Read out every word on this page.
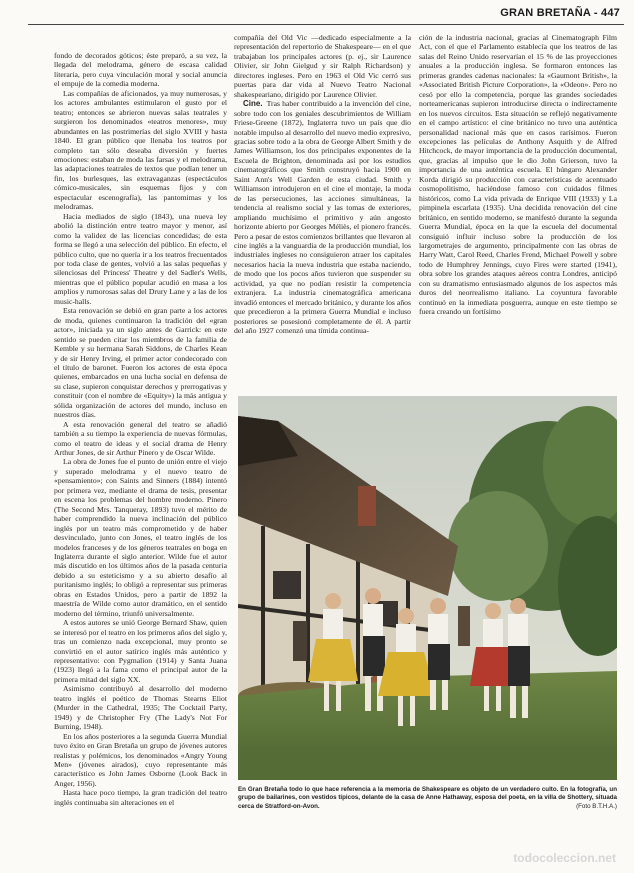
GRAN BRETAÑA - 447

fondo de decorados góticos; éste preparó, a su vez, la llegada del melodrama, género de escasa calidad literaria, pero cuya vinculación moral y social anuncia el empuje de la comedia moderna.

Las compañías de aficionados, ya muy numerosas, y los actores ambulantes estimularon el gusto por el teatro; entonces se abrieron nuevas salas teatrales y surgieron los denominados «teatros menores», muy abundantes en las postrimerías del siglo XVIII y hasta 1840. El gran público que llenaba los teatros por completo tan sólo deseaba diversión y fuertes emociones: estaban de moda las farsas y el melodrama, las adaptaciones teatrales de textos que podían tener un fin, los burlesques, las extravaganzas (espectáculos cómico-musicales, sin esquemas fijos y con espectacular escenografía), las pantomimas y los melodramas.

Hacia mediados de siglo (1843), una nueva ley abolió la distinción entre teatro mayor y menor, así como la validez de las licencias concedidas; de esta forma se llegó a una selección del público. En efecto, el público culto, que no quería ir a los teatros frecuentados por toda clase de gentes, volvió a las salas pequeñas y silenciosas del Princess' Theatre y del Sadler's Wells, mientras que el público popular acudió en masa a los amplios y rumorosas salas del Drury Lane y a las de los music-halls.

Esta renovación se debió en gran parte a los actores de moda, quienes continuaron la tradición del «gran actor», iniciada ya un siglo antes de Garrick: en este sentido se pueden citar los miembros de la familia de Kemble y su hermana Sarah Siddons, de Charles Kean y de sir Henry Irving, el primer actor condecorado con el título de baronet. Fueron los actores de esta época quienes, embarcados en una lucha social en defensa de su clase, supieron conquistar derechos y prerrogativas y constituir (con el nombre de «Equity») la más antigua y sólida organización de actores del mundo, incluso en nuestros días.

A esta renovación general del teatro se añadió también a su tiempo la experiencia de nuevas fórmulas, como el teatro de ideas y el social drama de Henry Arthur Jones, de sir Arthur Pinero y de Oscar Wilde.

La obra de Jones fue el punto de unión entre el viejo y superado melodrama y el nuevo teatro de «pensamiento»; con Saints and Sinners (1884) intentó por primera vez, mediante el drama de tesis, presentar en escena los problemas del hombre moderno. Pinero (The Second Mrs. Tanqueray, 1893) tuvo el mérito de haber comprendido la nueva inclinación del público inglés por un teatro más comprometido y de haber desvinculado, junto con Jones, el teatro inglés de los modelos franceses y de los géneros teatrales en boga en Inglaterra durante el siglo anterior. Wilde fue el autor más discutido en los últimos años de la pasada centuria debido a su esteticismo y a su abierto desafío al puritanismo inglés; lo obligó a representar sus primeras obras en Estados Unidos, pero a partir de 1892 la maestría de Wilde como autor dramático, en el sentido moderno del término, triunfó universalmente.

A estos autores se unió George Bernard Shaw, quien se interesó por el teatro en los primeros años del siglo y, tras un comienzo nada excepcional, muy pronto se convirtió en el autor satírico inglés más auténtico y representativo: con Pygmalion (1914) y Santa Juana (1923) llegó a la fama como el principal autor de la primera mitad del siglo XX.

Asimismo contribuyó al desarrollo del moderno teatro inglés el poético de Thomas Stearns Eliot (Murder in the Cathedral, 1935; The Cocktail Party, 1949) y de Christopher Fry (The Lady's Not For Burning, 1948).

En los años posteriores a la segunda Guerra Mundial tuvo éxito en Gran Bretaña un grupo de jóvenes autores realistas y polémicos, los denominados «Angry Young Men» (jóvenes airados), cuyo representante más característico es John James Osborne (Look Back in Anger, 1956).

Hasta hace poco tiempo, la gran tradición del teatro inglés continuaba sin alteraciones en el

compañía del Old Vic —dedicado especialmente a la representación del repertorio de Shakespeare— en el que trabajaban los principales actores (p. ej., sir Laurence Olivier, sir John Gielgud y sir Ralph Richardson) y directores ingleses. Pero en 1963 el Old Vic cerró sus puertas para dar vida al Nuevo Teatro Nacional shakespeariano, dirigido por Laurence Olivier.

Cine. Tras haber contribuido a la invención del cine, sobre todo con los geniales descubrimientos de William Friese-Greene (1872), Inglaterra tuvo un país que dio notable impulso al desarrollo del nuevo medio expresivo, gracias sobre todo a la obra de George Albert Smith y de James Williamson, los dos principales exponentes de la Escuela de Brighton, denominada así por los estudios cinematográficos que Smith construyó hacia 1900 en Saint Ann's Well Garden de esta ciudad. Smith y Williamson introdujeron en el cine el montaje, la moda de las persecuciones, las acciones simultáneas, la tendencia al realismo social y las tomas de exteriores, ampliando muchísimo el primitivo y aún angosto horizonte abierto por Georges Méliès, el pionero francés. Pero a pesar de estos comienzos brillantes que llevaron al cine inglés a la vanguardia de la producción mundial, los industriales ingleses no consiguieron atraer los capitales necesarios hacia la nueva industria que estaba naciendo, de modo que los pocos años tuvieron que suspender su actividad, ya que no podían resistir la competencia extranjera. La industria cinematográfica americana invadió entonces el mercado británico, y durante los años que precedieron a la primera Guerra Mundial e incluso posteriores se posesionó completamente de él. A partir del año 1927 comenzó una tímida continua-

ción de la industria nacional, gracias al Cinematograph Film Act, con el que el Parlamento establecía que los teatros de las salas del Reino Unido reservarían el 15 % de las proyecciones anuales a la producción inglesa. Se formaron entonces las primeras grandes cadenas nacionales: la «Gaumont British», la «Associated British Picture Corporation», la «Odeon». Pero no cesó por ello la competencia, porque las grandes sociedades norteamericanas supieron introducirse directa o indirectamente en los nuevos circuitos. Esta situación se reflejó negativamente en el campo artístico: el cine británico no tuvo una auténtica personalidad nacional más que en casos rarísimos. Fueron excepciones las películas de Anthony Asquith y de Alfred Hitchcock, de mayor importancia de la producción documental, que, gracias al impulso que le dio John Grierson, tuvo la importancia de una auténtica escuela. El húngaro Alexander Korda dirigió su producción con características de acentuado cosmopolitismo, haciéndose famoso con cuidados filmes históricos, como La vida privada de Enrique VIII (1933) y La pimpinela escarlata (1935). Una decidida renovación del cine británico, en sentido moderno, se manifestó durante la segunda Guerra Mundial, época en la que la escuela del documental consiguió influir incluso sobre la producción de los largometrajes de argumento, principalmente con las obras de Harry Watt, Carol Reed, Charles Frend, Michael Powell y sobre todo de Humphrey Jennings, cuyo Fires were started (1941), obra sobre los grandes ataques aéreos contra Londres, anticipó con su dramatismo entusiasmado algunos de los aspectos más duros del neorrealismo italiano. La coyuntura favorable continuó en la inmediata posguerra, aunque en este tiempo se fuera creando un fortísimo

En Gran Bretaña todo lo que hace referencia a la memoria de Shakespeare es objeto de un verdadero culto. En la fotografía, un grupo de bailarines, con vestidos típicos, delante de la casa de Anne Hathaway, esposa del poeta, en la villa de Shottery, situada cerca de Stratford-on-Avon.	(Foto B.T.H.A.)
todocoleccion.net
